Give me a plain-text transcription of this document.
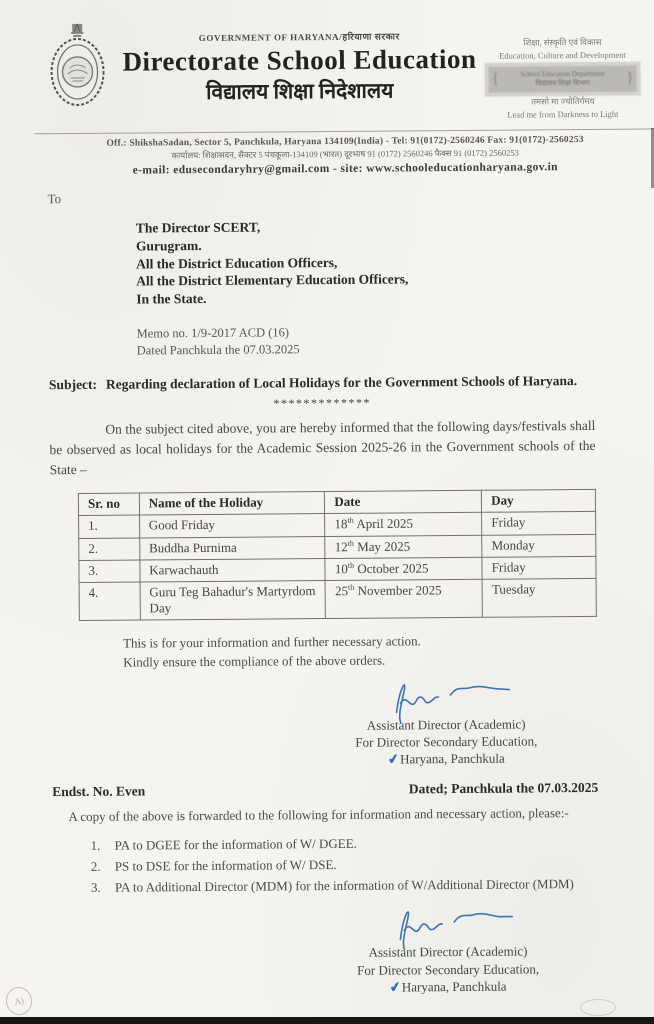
GOVERNMENT OF HARYANA/हरियाणा सरकार
Directorate School Education
विद्यालय शिक्षा निदेशालय
शिक्षा, संस्कृति एवं विकास
Education, Culture and Development
{ School Education Department
विद्यालय शिक्षा विभाग
}
तमसो मा ज्योतिर्गमय
Lead me from Darkness to Light
Off.: ShikshaSadan, Sector 5, Panchkula, Haryana 134109(India) - Tel: 91(0172)-2560246 Fax: 91(0172)-2560253
कार्यालय: शिक्षासदन, सैक्टर 5 पंचकूला-134109 (भारत) दूरभाष 91 (0172) 2560246 फैक्स 91 (0172) 2560253
e-mail: edusecondaryhry@gmail.com - site: www.schooleducationharyana.gov.in
To
The Director SCERT,
Gurugram.
All the District Education Officers,
All the District Elementary Education Officers,
In the State.
Memo no. 1/9-2017 ACD (16)
Dated Panchkula the 07.03.2025
Subject: Regarding declaration of Local Holidays for the Government Schools of Haryana.
*************
On the subject cited above, you are hereby informed that the following days/festivals shall be observed as local holidays for the Academic Session 2025-26 in the Government schools of the State –
Sr. no	Name of the Holiday	Date	Day
1.	Good Friday	18th April 2025	Friday
2.	Buddha Purnima	12th May 2025	Monday
3.	Karwachauth	10th October 2025	Friday
4.	Guru Teg Bahadur's Martyrdom Day	25th November 2025	Tuesday
This is for your information and further necessary action.
Kindly ensure the compliance of the above orders.
Assistant Director (Academic)
For Director Secondary Education,
✔Haryana, Panchkula
Endst. No. Even	Dated; Panchkula the 07.03.2025
A copy of the above is forwarded to the following for information and necessary action, please:-
1. PA to DGEE for the information of W/ DGEE.
2. PS to DSE for the information of W/ DSE.
3. PA to Additional Director (MDM) for the information of W/Additional Director (MDM)
Assistant Director (Academic)
For Director Secondary Education,
✔Haryana, Panchkula
A)
